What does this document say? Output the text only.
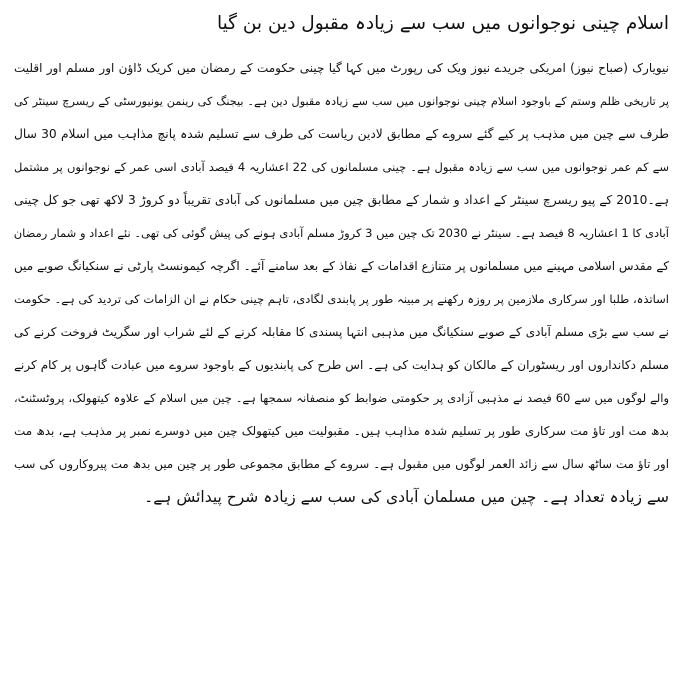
اسلام چینی نوجوانوں میں سب سے زیادہ مقبول دین بن گیا
نیویارک (صباح نیوز) امریکی جریدے نیوز ویک کی رپورٹ میں کہا گیا چینی حکومت کے رمضان میں کریک ڈاؤن اور مسلم اور اقلیت
پر تاریخی ظلم وستم کے باوجود اسلام چینی نوجوانوں میں سب سے زیادہ مقبول دین ہے۔ بیجنگ کی رینمن یونیورسٹی کے ریسرچ سینٹر کی
طرف سے چین میں مذہب پر کیے گئے سروے کے مطابق لادین ریاست کی طرف سے تسلیم شدہ پانچ مذاہب میں اسلام 30 سال
سے کم عمر نوجوانوں میں سب سے زیادہ مقبول ہے۔ چینی مسلمانوں کی 22 اعشاریہ 4 فیصد آبادی اسی عمر کے نوجوانوں پر مشتمل
ہے۔2010 کے پیو ریسرچ سینٹر کے اعداد و شمار کے مطابق چین میں مسلمانوں کی آبادی تقریباً دو کروڑ 3 لاکھ تھی جو کل چینی
آبادی کا 1 اعشاریہ 8 فیصد ہے۔ سینٹر نے 2030 تک چین میں 3 کروڑ مسلم آبادی ہونے کی پیش گوئی کی تھی۔ نئے اعداد و شمار رمضان
کے مقدس اسلامی مہینے میں مسلمانوں پر متنازع اقدامات کے نفاذ کے بعد سامنے آئے۔ اگرچہ کیمونسٹ پارٹی نے سنکیانگ صوبے میں
اساتذہ، طلبا اور سرکاری ملازمین پر روزہ رکھنے پر مبینہ طور پر پابندی لگادی، تاہم چینی حکام نے ان الزامات کی تردید کی ہے۔ حکومت
نے سب سے بڑی مسلم آبادی کے صوبے سنکیانگ میں مذہبی انتہا پسندی کا مقابلہ کرنے کے لئے شراب اور سگریٹ فروخت کرنے کی
مسلم دکانداروں اور ریسٹوران کے مالکان کو ہدایت کی ہے۔ اس طرح کی پابندیوں کے باوجود سروے میں عبادت گاہوں پر کام کرنے
والے لوگوں میں سے 60 فیصد نے مذہبی آزادی پر حکومتی ضوابط کو منصفانہ سمجھا ہے۔ چین میں اسلام کے علاوہ کیتھولک، پروٹسٹنٹ،
بدھ مت اور تاؤ مت سرکاری طور پر تسلیم شدہ مذاہب ہیں۔ مقبولیت میں کیتھولک چین میں دوسرے نمبر پر مذہب ہے، بدھ مت
اور تاؤ مت ساٹھ سال سے زائد العمر لوگوں میں مقبول ہے۔ سروے کے مطابق مجموعی طور پر چین میں بدھ مت پیروکاروں کی سب
سے زیادہ تعداد ہے۔ چین میں مسلمان آبادی کی سب سے زیادہ شرح پیدائش ہے۔
